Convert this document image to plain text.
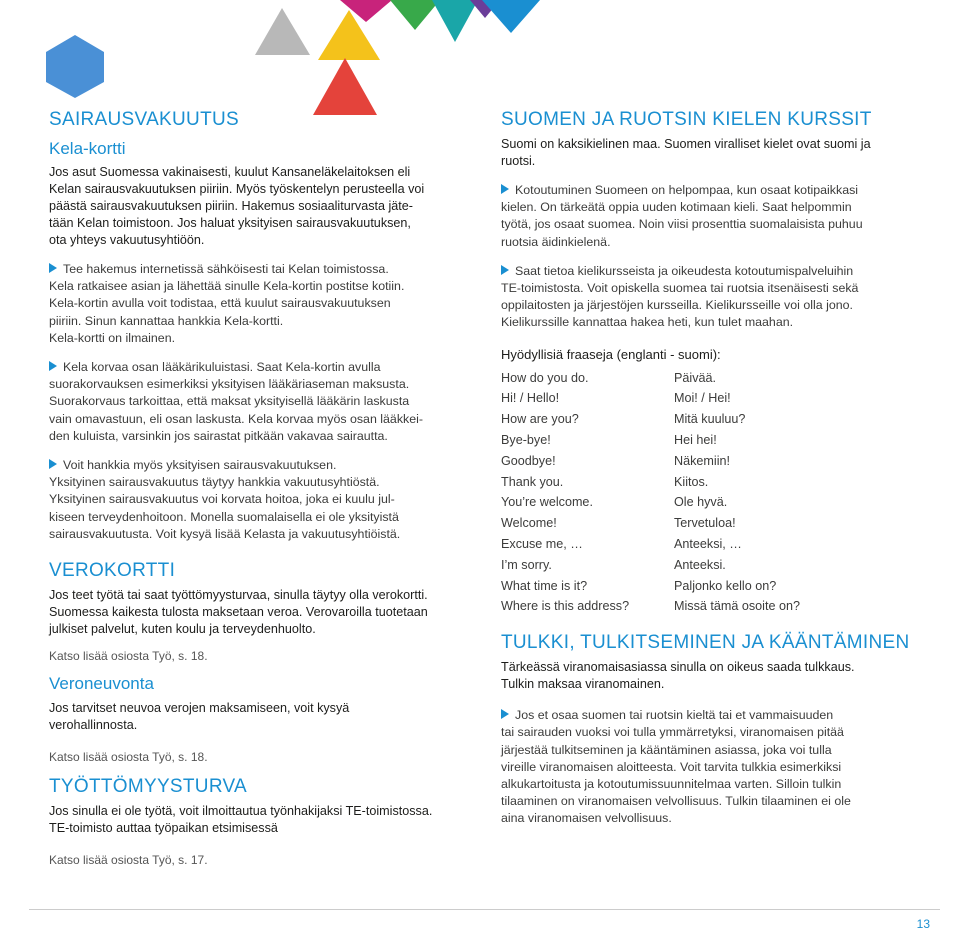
SAIRAUSVAKUUTUS
Kela-kortti

Jos asut Suomessa vakinaisesti, kuulut Kansaneläkelaitoksen eli

Kelan sairausvakuutuksen piiriin. Myös työskentelyn perusteella voi

päästä sairausvakuutuksen piiriin. Hakemus sosiaaliturvasta jäte-

tään Kelan toimistoon. Jos haluat yksityisen sairausvakuutuksen,

ota yhteys vakuutusyhtiöön.

Tee hakemus internetissä sähköisesti tai Kelan toimistossa.

Kela ratkaisee asian ja lähettää sinulle Kela-kortin postitse kotiin.

Kela-kortin avulla voit todistaa, että kuulut sairausvakuutuksen

piiriin. Sinun kannattaa hankkia Kela-kortti.

Kela-kortti on ilmainen.

Kela korvaa osan lääkärikuluistasi. Saat Kela-kortin avulla

suorakorvauksen esimerkiksi yksityisen lääkäriaseman maksusta.

Suorakorvaus tarkoittaa, että maksat yksityisellä lääkärin laskusta

vain omavastuun, eli osan laskusta. Kela korvaa myös osan lääkkei-

den kuluista, varsinkin jos sairastat pitkään vakavaa sairautta.

Voit hankkia myös yksityisen sairausvakuutuksen.

Yksityinen sairausvakuutus täytyy hankkia vakuutusyhtiöstä.

Yksityinen sairausvakuutus voi korvata hoitoa, joka ei kuulu jul-

kiseen terveydenhoitoon. Monella suomalaisella ei ole yksityistä

sairausvakuutusta. Voit kysyä lisää Kelasta ja vakuutusyhtiöistä.

VEROKORTTI

Jos teet työtä tai saat työttömyysturvaa, sinulla täytyy olla verokortti.

Suomessa kaikesta tulosta maksetaan veroa. Verovaroilla tuotetaan

julkiset palvelut, kuten koulu ja terveydenhuolto.

Katso lisää osiosta Työ, s. 18.

Veroneuvonta

Jos tarvitset neuvoa verojen maksamiseen, voit kysyä

verohallinnosta.

Katso lisää osiosta Työ, s. 18.

TYÖTTÖMYYSTURVA

Jos sinulla ei ole työtä, voit ilmoittautua työnhakijaksi TE-toimistossa.

TE-toimisto auttaa työpaikan etsimisessä

Katso lisää osiosta Työ, s. 17.

SUOMEN JA RUOTSIN KIELEN KURSSIT

Suomi on kaksikielinen maa. Suomen viralliset kielet ovat suomi ja

ruotsi.

Kotoutuminen Suomeen on helpompaa, kun osaat kotipaikkasi

kielen. On tärkeätä oppia uuden kotimaan kieli. Saat helpommin

työtä, jos osaat suomea. Noin viisi prosenttia suomalaisista puhuu

ruotsia äidinkielenä.

Saat tietoa kielikursseista ja oikeudesta kotoutumispalveluihin

TE-toimistosta. Voit opiskella suomea tai ruotsia itsenäisesti sekä

oppilaitosten ja järjestöjen kursseilla. Kielikursseille voi olla jono.

Kielikurssille kannattaa hakea heti, kun tulet maahan.

Hyödyllisiä fraaseja (englanti - suomi):

How do you do.	Päivää.
Hi! / Hello!	Moi! / Hei!
How are you?	Mitä kuuluu?
Bye-bye!	Hei hei!
Goodbye!	Näkemiin!
Thank you.	Kiitos.
You’re welcome.	Ole hyvä.
Welcome!	Tervetuloa!
Excuse me, …	Anteeksi, …
I’m sorry.	Anteeksi.
What time is it?	Paljonko kello on?
Where is this address?	Missä tämä osoite on?
TULKKI, TULKITSEMINEN JA KÄÄNTÄMINEN

Tärkeässä viranomaisasiassa sinulla on oikeus saada tulkkaus.

Tulkin maksaa viranomainen.

Jos et osaa suomen tai ruotsin kieltä tai et vammaisuuden

tai sairauden vuoksi voi tulla ymmärretyksi, viranomaisen pitää

järjestää tulkitseminen ja kääntäminen asiassa, joka voi tulla

vireille viranomaisen aloitteesta. Voit tarvita tulkkia esimerkiksi

alkukartoitusta ja kotoutumissuunnitelmaa varten. Silloin tulkin

tilaaminen on viranomaisen velvollisuus. Tulkin tilaaminen ei ole

aina viranomaisen velvollisuus.

13
